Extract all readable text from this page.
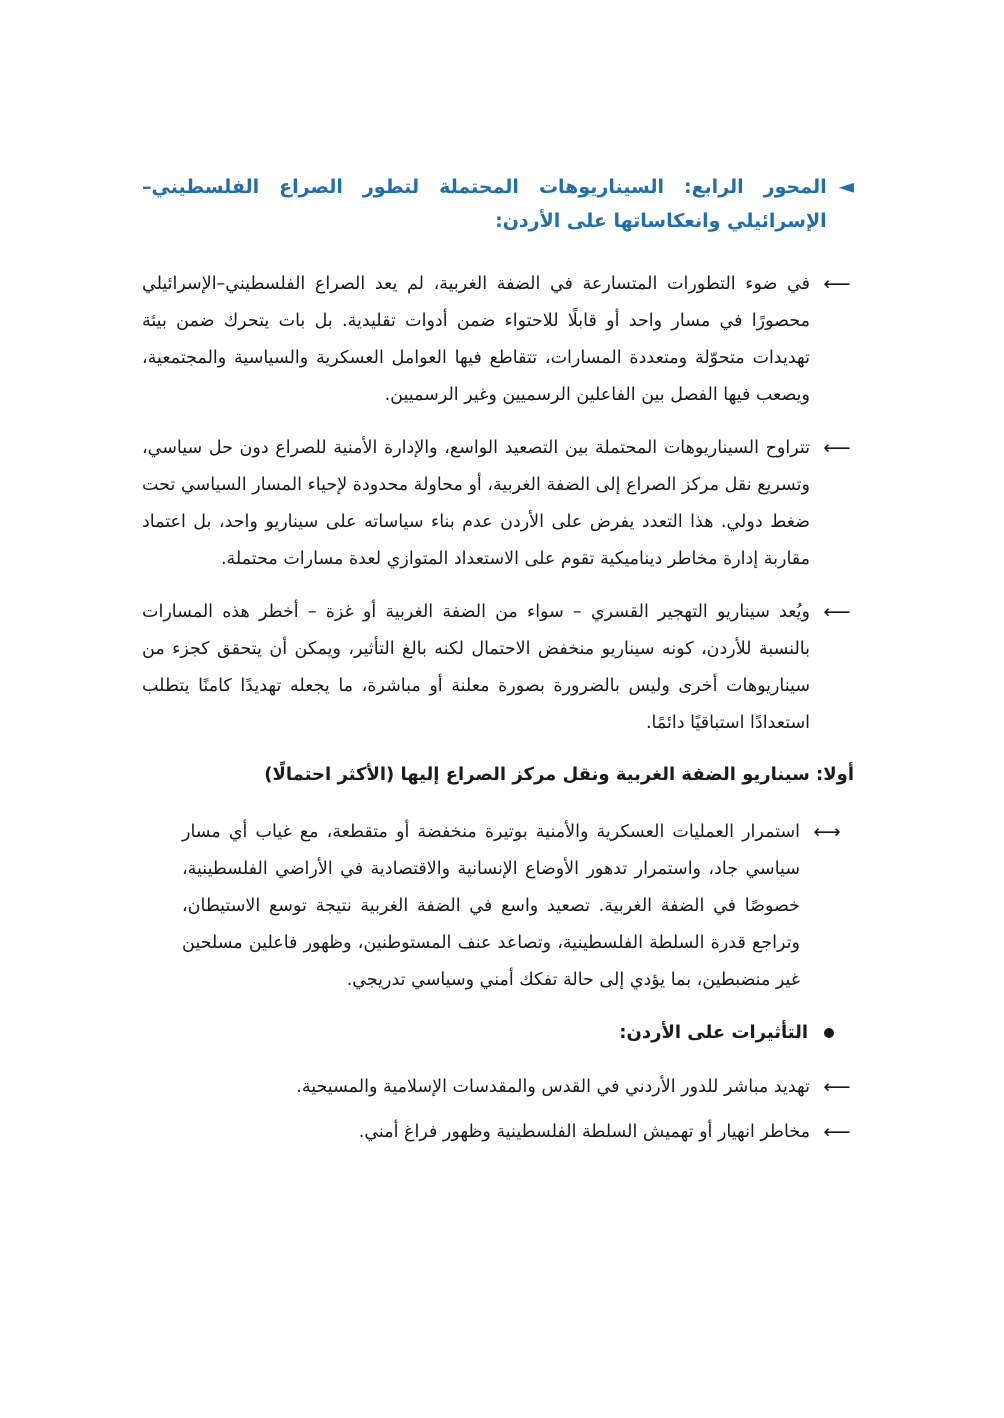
◄
المحور الرابع: السيناريوهات المحتملة لتطور الصراع الفلسطيني–الإسرائيلي وانعكاساتها على الأردن:
⟵
في ضوء التطورات المتسارعة في الضفة الغربية، لم يعد الصراع الفلسطيني–الإسرائيلي محصورًا في مسار واحد أو قابلًا للاحتواء ضمن أدوات تقليدية. بل بات يتحرك ضمن بيئة تهديدات متحوّلة ومتعددة المسارات، تتقاطع فيها العوامل العسكرية والسياسية والمجتمعية، ويصعب فيها الفصل بين الفاعلين الرسميين وغير الرسميين.
⟵
تتراوح السيناريوهات المحتملة بين التصعيد الواسع، والإدارة الأمنية للصراع دون حل سياسي، وتسريع نقل مركز الصراع إلى الضفة الغربية، أو محاولة محدودة لإحياء المسار السياسي تحت ضغط دولي. هذا التعدد يفرض على الأردن عدم بناء سياساته على سيناريو واحد، بل اعتماد مقاربة إدارة مخاطر ديناميكية تقوم على الاستعداد المتوازي لعدة مسارات محتملة.
⟵
ويُعد سيناريو التهجير القسري – سواء من الضفة الغربية أو غزة – أخطر هذه المسارات بالنسبة للأردن، كونه سيناريو منخفض الاحتمال لكنه بالغ التأثير، ويمكن أن يتحقق كجزء من سيناريوهات أخرى وليس بالضرورة بصورة معلنة أو مباشرة، ما يجعله تهديدًا كامنًا يتطلب استعدادًا استباقيًا دائمًا.
أولا: سيناريو الضفة الغربية ونقل مركز الصراع إليها (الأكثر احتمالًا)
⟷
استمرار العمليات العسكرية والأمنية بوتيرة منخفضة أو متقطعة، مع غياب أي مسار سياسي جاد، واستمرار تدهور الأوضاع الإنسانية والاقتصادية في الأراضي الفلسطينية، خصوصًا في الضفة الغربية. تصعيد واسع في الضفة الغربية نتيجة توسع الاستيطان، وتراجع قدرة السلطة الفلسطينية، وتصاعد عنف المستوطنين، وظهور فاعلين مسلحين غير منضبطين، بما يؤدي إلى حالة تفكك أمني وسياسي تدريجي.
التأثيرات على الأردن:
⟵
تهديد مباشر للدور الأردني في القدس والمقدسات الإسلامية والمسيحية.
⟵
مخاطر انهيار أو تهميش السلطة الفلسطينية وظهور فراغ أمني.
